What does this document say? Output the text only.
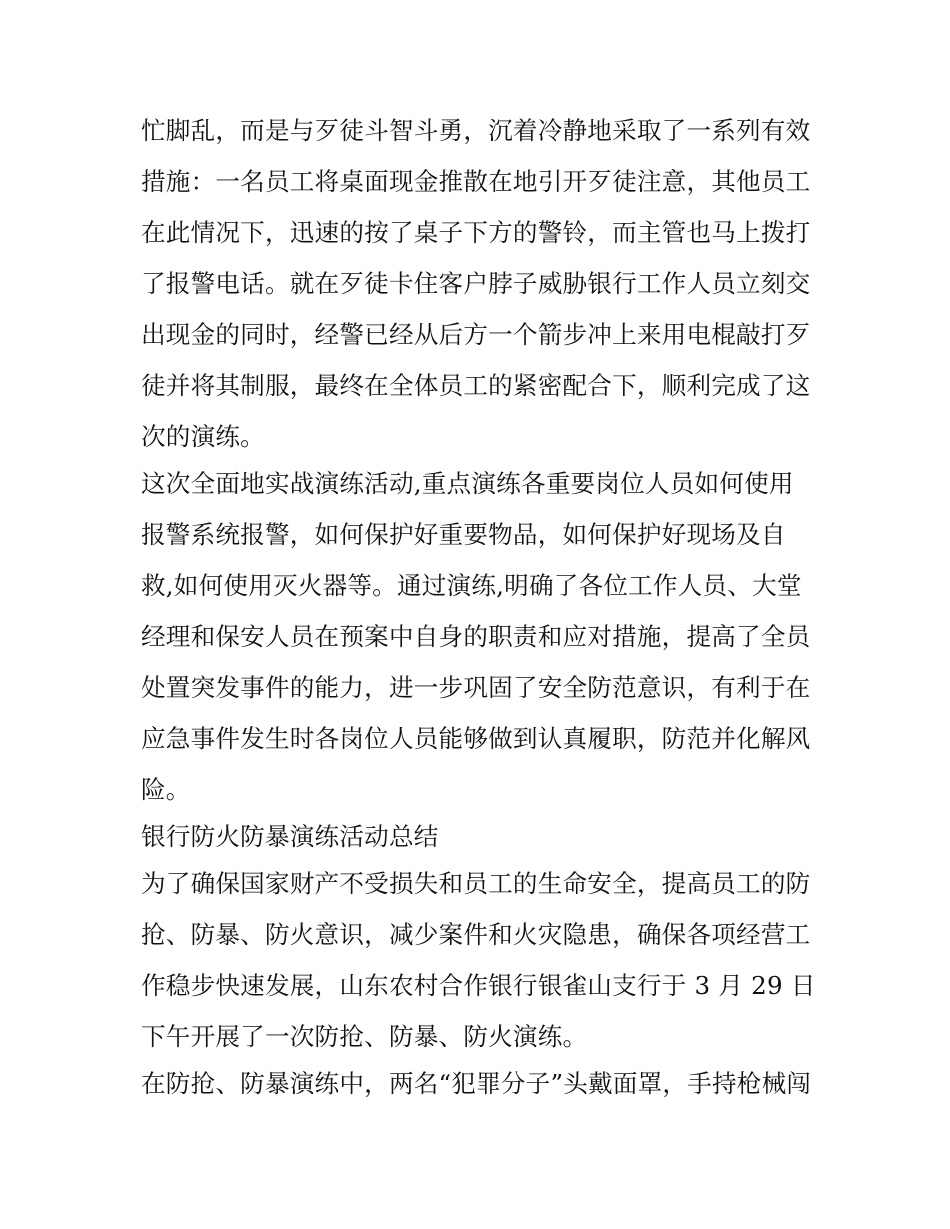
忙脚乱，而是与歹徒斗智斗勇，沉着冷静地采取了一系列有效
措施：一名员工将桌面现金推散在地引开歹徒注意，其他员工
在此情况下，迅速的按了桌子下方的警铃，而主管也马上拨打
了报警电话。就在歹徒卡住客户脖子威胁银行工作人员立刻交
出现金的同时，经警已经从后方一个箭步冲上来用电棍敲打歹
徒并将其制服，最终在全体员工的紧密配合下，顺利完成了这
次的演练。
这次全面地实战演练活动,重点演练各重要岗位人员如何使用
报警系统报警，如何保护好重要物品，如何保护好现场及自
救,如何使用灭火器等。通过演练,明确了各位工作人员、大堂
经理和保安人员在预案中自身的职责和应对措施，提高了全员
处置突发事件的能力，进一步巩固了安全防范意识，有利于在
应急事件发生时各岗位人员能够做到认真履职，防范并化解风
险。
银行防火防暴演练活动总结
为了确保国家财产不受损失和员工的生命安全，提高员工的防
抢、防暴、防火意识，减少案件和火灾隐患，确保各项经营工
作稳步快速发展，山东农村合作银行银雀山支行于 3 月 29 日
下午开展了一次防抢、防暴、防火演练。
在防抢、防暴演练中，两名“犯罪分子”头戴面罩，手持枪械闯
